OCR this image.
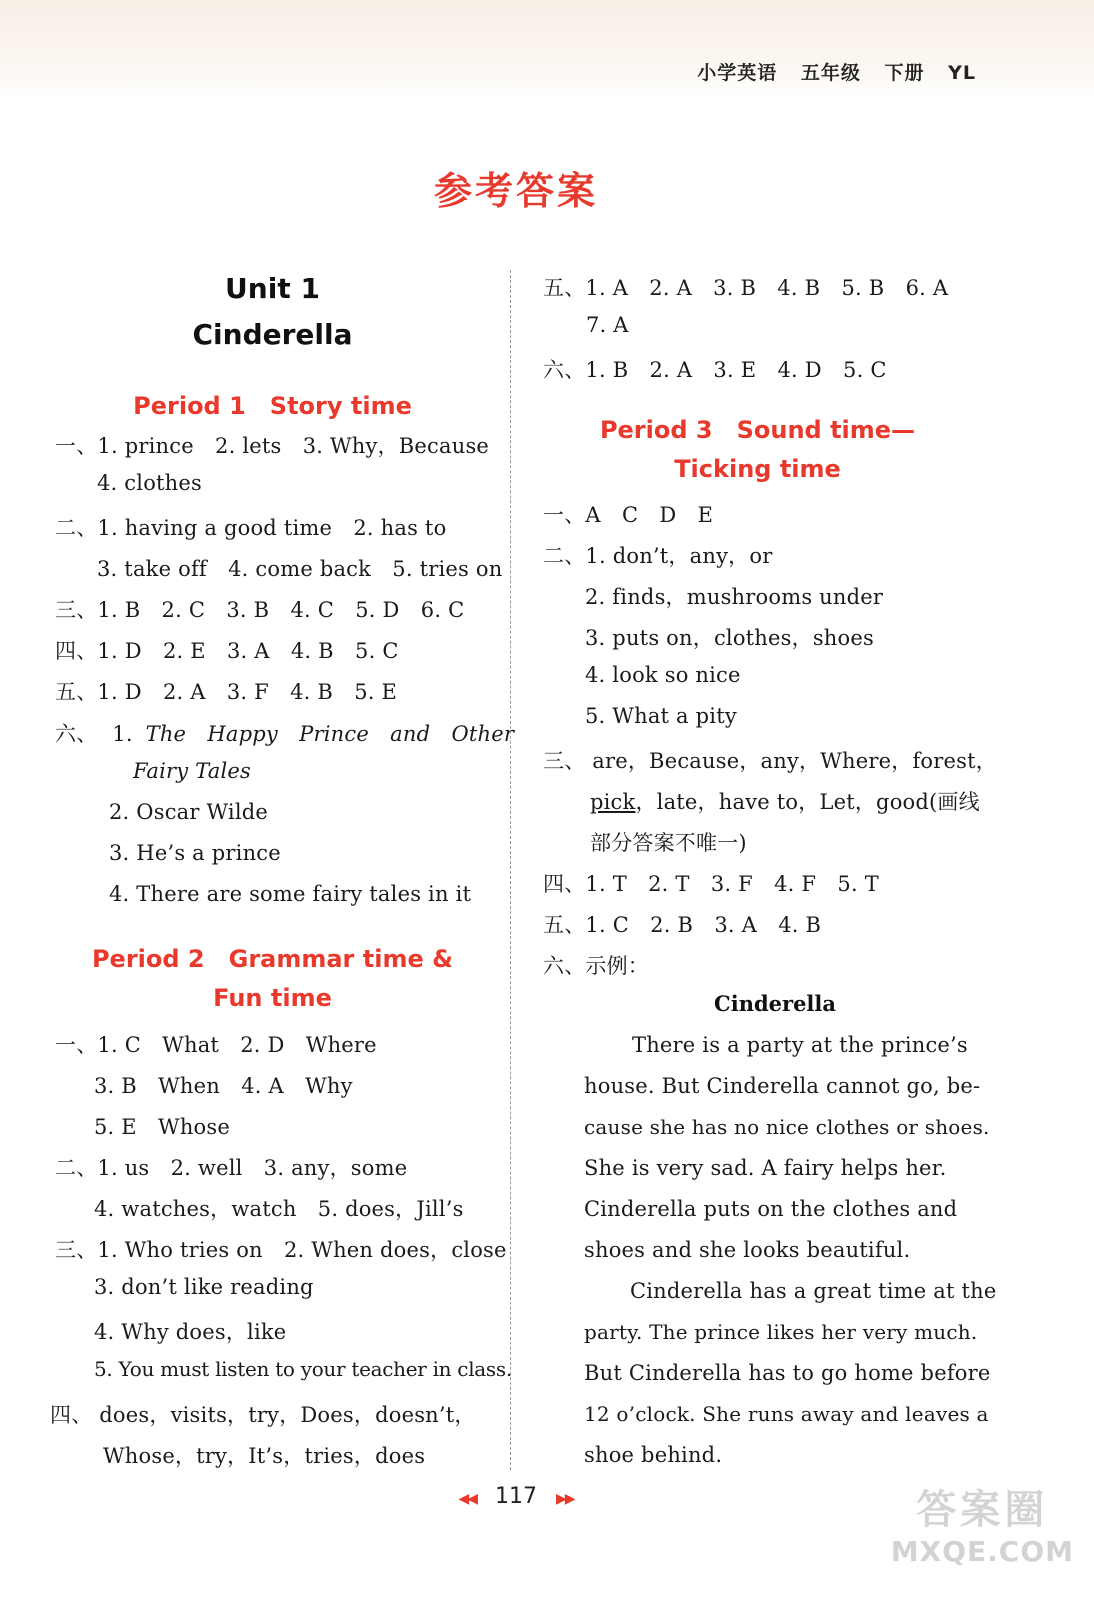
小学英语 五年级 下册 YL
参考答案
Unit 1
Cinderella
Period 1　Story time
一、1. prince　2. lets　3. Why，Because
4. clothes
二、1. having a good time　2. has to
3. take off　4. come back　5. tries on
三、1. B　2. C　3. B　4. C　5. D　6. C
四、1. D　2. E　3. A　4. B　5. C
五、1. D　2. A　3. F　4. B　5. E
六、 1. The　Happy　Prince　and　Other
Fairy Tales
2. Oscar Wilde
3. He’s a prince
4. There are some fairy tales in it
Period 2　Grammar time &
Fun time
一、1. C　What　2. D　Where
3. B　When　4. A　Why
5. E　Whose
二、1. us　2. well　3. any，some
4. watches，watch　5. does，Jill’s
三、1. Who tries on　2. When does，close
3. don’t like reading
4. Why does，like
5. You must listen to your teacher in class.
四、 does，visits，try，Does，doesn’t，
Whose，try，It’s，tries，does
五、1. A　2. A　3. B　4. B　5. B　6. A
7. A
六、1. B　2. A　3. E　4. D　5. C
Period 3　Sound time—
Ticking time
一、A　C　D　E
二、1. don’t，any，or
2. finds，mushrooms under
3. puts on，clothes，shoes
4. look so nice
5. What a pity
三、 are，Because，any，Where，forest，
pick，late，have to，Let，good(画线
部分答案不唯一)
四、1. T　2. T　3. F　4. F　5. T
五、1. C　2. B　3. A　4. B
六、示例：
Cinderella
There is a party at the prince’s
house. But Cinderella cannot go, be-
cause she has no nice clothes or shoes.
She is very sad. A fairy helps her.
Cinderella puts on the clothes and
shoes and she looks beautiful.
Cinderella has a great time at the
party. The prince likes her very much.
But Cinderella has to go home before
12 o’clock. She runs away and leaves a
shoe behind.
◀◀ 117 ▶▶	答案圈
MXQE.COM
